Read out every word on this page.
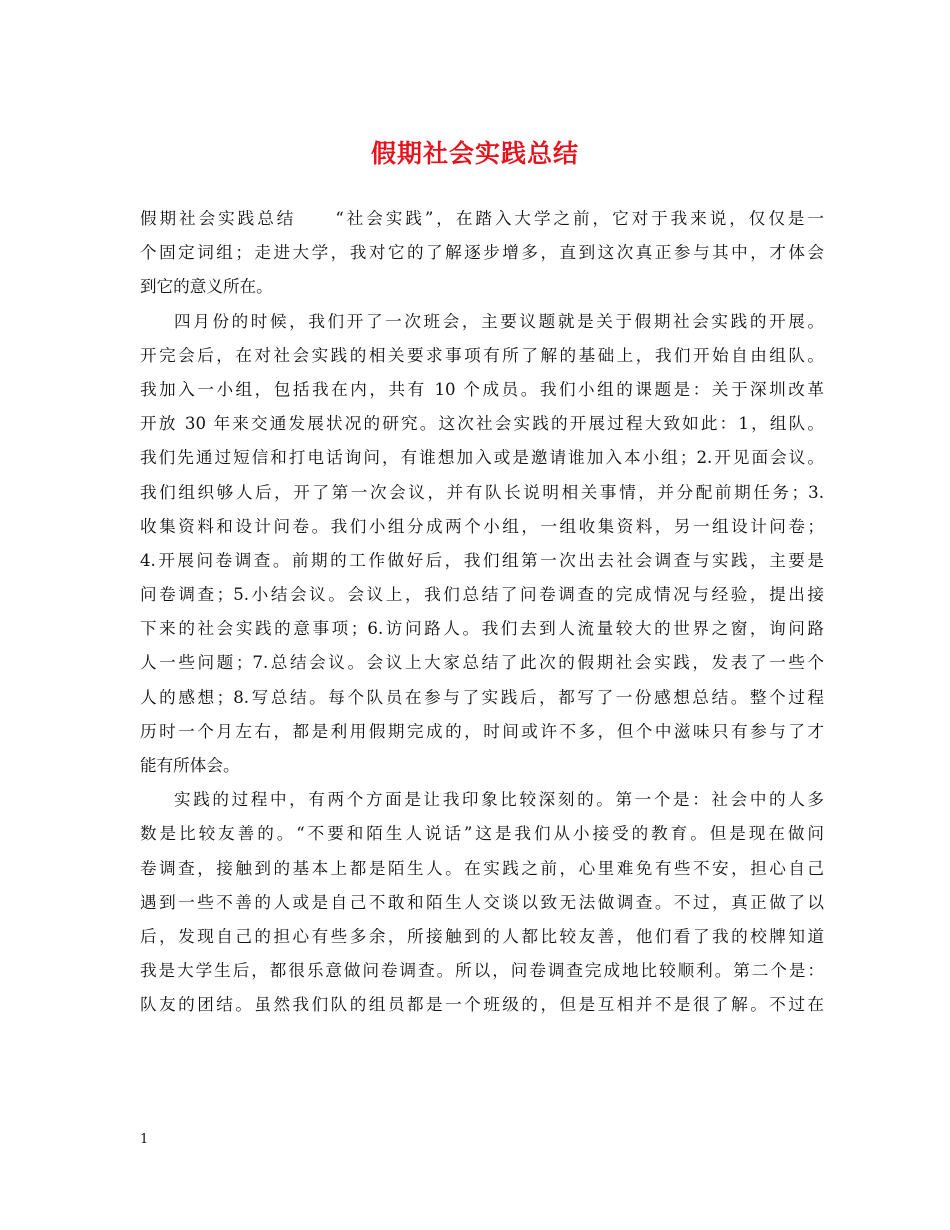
假期社会实践总结
假期社会实践总结　　“社会实践”，在踏入大学之前，它对于我来说，仅仅是一
个固定词组；走进大学，我对它的了解逐步增多，直到这次真正参与其中，才体会
到它的意义所在。
四月份的时候，我们开了一次班会，主要议题就是关于假期社会实践的开展。
开完会后，在对社会实践的相关要求事项有所了解的基础上，我们开始自由组队。
我加入一小组，包括我在内，共有 10 个成员。我们小组的课题是：关于深圳改革
开放 30 年来交通发展状况的研究。这次社会实践的开展过程大致如此：1，组队。
我们先通过短信和打电话询问，有谁想加入或是邀请谁加入本小组；2.开见面会议。
我们组织够人后，开了第一次会议，并有队长说明相关事情，并分配前期任务；3.
收集资料和设计问卷。我们小组分成两个小组，一组收集资料，另一组设计问卷；
4.开展问卷调查。前期的工作做好后，我们组第一次出去社会调查与实践，主要是
问卷调查；5.小结会议。会议上，我们总结了问卷调查的完成情况与经验，提出接
下来的社会实践的意事项；6.访问路人。我们去到人流量较大的世界之窗，询问路
人一些问题；7.总结会议。会议上大家总结了此次的假期社会实践，发表了一些个
人的感想；8.写总结。每个队员在参与了实践后，都写了一份感想总结。整个过程
历时一个月左右，都是利用假期完成的，时间或许不多，但个中滋味只有参与了才
能有所体会。
实践的过程中，有两个方面是让我印象比较深刻的。第一个是：社会中的人多
数是比较友善的。“不要和陌生人说话”这是我们从小接受的教育。但是现在做问
卷调查，接触到的基本上都是陌生人。在实践之前，心里难免有些不安，担心自己
遇到一些不善的人或是自己不敢和陌生人交谈以致无法做调查。不过，真正做了以
后，发现自己的担心有些多余，所接触到的人都比较友善，他们看了我的校牌知道
我是大学生后，都很乐意做问卷调查。所以，问卷调查完成地比较顺利。第二个是：
队友的团结。虽然我们队的组员都是一个班级的，但是互相并不是很了解。不过在
1
